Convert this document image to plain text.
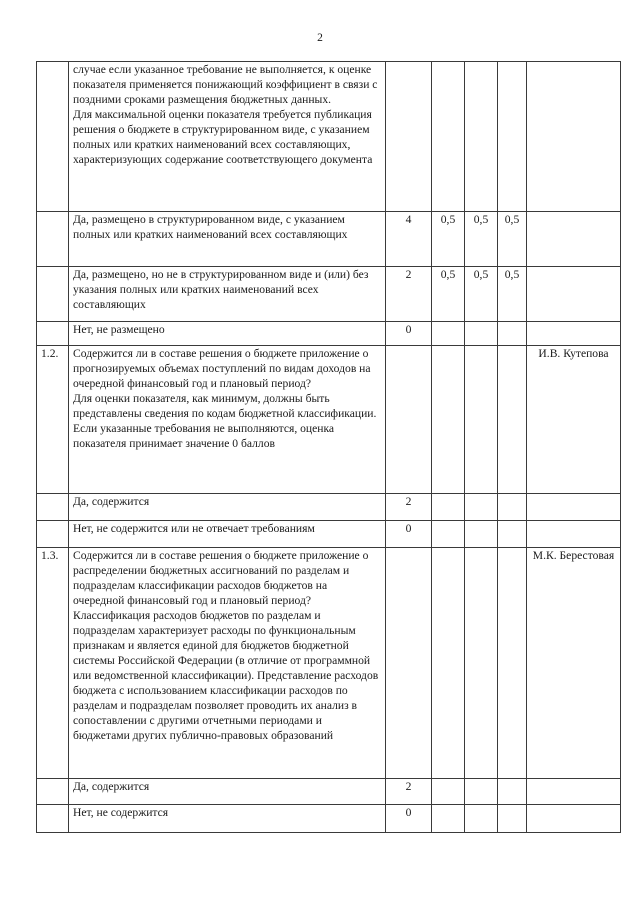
2
	случае если указанное требование не выполняется, к оценке показателя применяется понижающий коэффициент в связи с поздними сроками размещения бюджетных данных.
Для максимальной оценки показателя требуется публикация решения о бюджете в структурированном виде, с указанием полных или кратких наименований всех составляющих, характеризующих содержание соответствующего документа					
	Да, размещено в структурированном виде, с указанием полных или кратких наименований всех составляющих	4	0,5	0,5	0,5	
	Да, размещено, но не в структурированном виде и (или) без указания полных или кратких наименований всех составляющих	2	0,5	0,5	0,5	
	Нет, не размещено	0				
1.2.	Содержится ли в составе решения о бюджете приложение о прогнозируемых объемах поступлений по видам доходов на очередной финансовый год и плановый период?
Для оценки показателя, как минимум, должны быть представлены сведения по кодам бюджетной классификации. Если указанные требования не выполняются, оценка показателя принимает значение 0 баллов					И.В. Кутепова
	Да, содержится	2				
	Нет, не содержится или не отвечает требованиям	0				
1.3.	Содержится ли в составе решения о бюджете приложение о распределении бюджетных ассигнований по разделам и подразделам классификации расходов бюджетов на очередной финансовый год и плановый период?
Классификация расходов бюджетов по разделам и подразделам характеризует расходы по функциональным признакам и является единой для бюджетов бюджетной системы Российской Федерации (в отличие от программной или ведомственной классификации). Представление расходов бюджета с использованием классификации расходов по разделам и подразделам позволяет проводить их анализ в сопоставлении с другими отчетными периодами и бюджетами других публично-правовых образований					М.К. Берестовая
	Да, содержится	2				
	Нет, не содержится	0				
